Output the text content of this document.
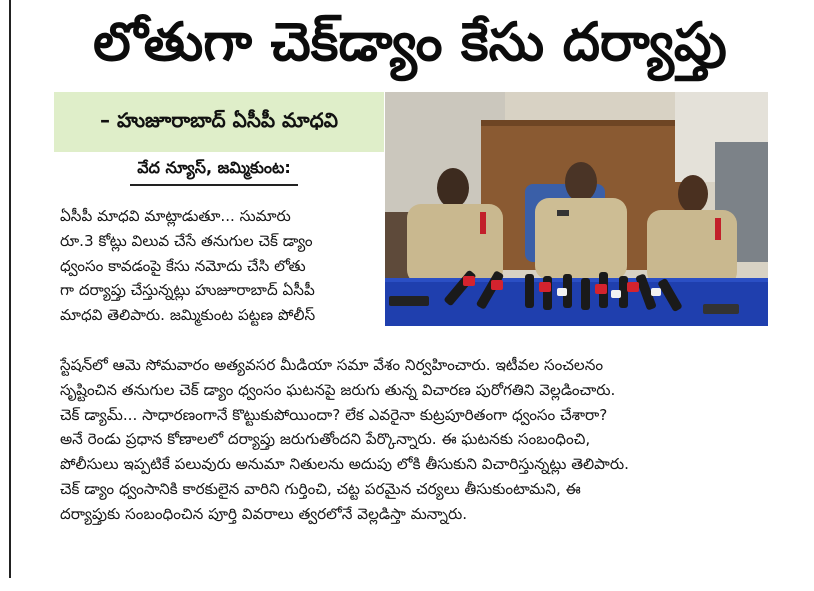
లోతుగా చెక్‌డ్యాం కేసు దర్యాప్తు
– హుజూరాబాద్ ఏసీపీ మాధవి
వేద న్యూస్, జమ్మికుంట:
ఏసీపీ మాధవి మాట్లాడుతూ... సుమారు
రూ.3 కోట్లు విలువ చేసే తనుగుల చెక్ డ్యాం
ధ్వంసం కావడంపై కేసు నమోదు చేసి లోతు
గా దర్యాప్తు చేస్తున్నట్లు హుజూరాబాద్ ఏసీపీ
మాధవి తెలిపారు. జమ్మికుంట పట్టణ పోలీస్
స్టేషన్‌లో ఆమె సోమవారం అత్యవసర మీడియా సమా వేశం నిర్వహించారు. ఇటీవల సంచలనం
సృష్టించిన తనుగుల చెక్ డ్యాం ధ్వంసం ఘటనపై జరుగు తున్న విచారణ పురోగతిని వెల్లడించారు.
చెక్ డ్యామ్... సాధారణంగానే కొట్టుకుపోయిందా? లేక ఎవరైనా కుట్రపూరితంగా ధ్వంసం చేశారా?
అనే రెండు ప్రధాన కోణాలలో దర్యాప్తు జరుగుతోందని పేర్కొన్నారు. ఈ ఘటనకు సంబంధించి,
పోలీసులు ఇప్పటికే పలువురు అనుమా నితులను అదుపు లోకి తీసుకుని విచారిస్తున్నట్లు తెలిపారు.
చెక్ డ్యాం ధ్వంసానికి కారకులైన వారిని గుర్తించి, చట్ట పరమైన చర్యలు తీసుకుంటామని, ఈ
దర్యాప్తుకు సంబంధించిన పూర్తి వివరాలు త్వరలోనే వెల్లడిస్తా మన్నారు.
